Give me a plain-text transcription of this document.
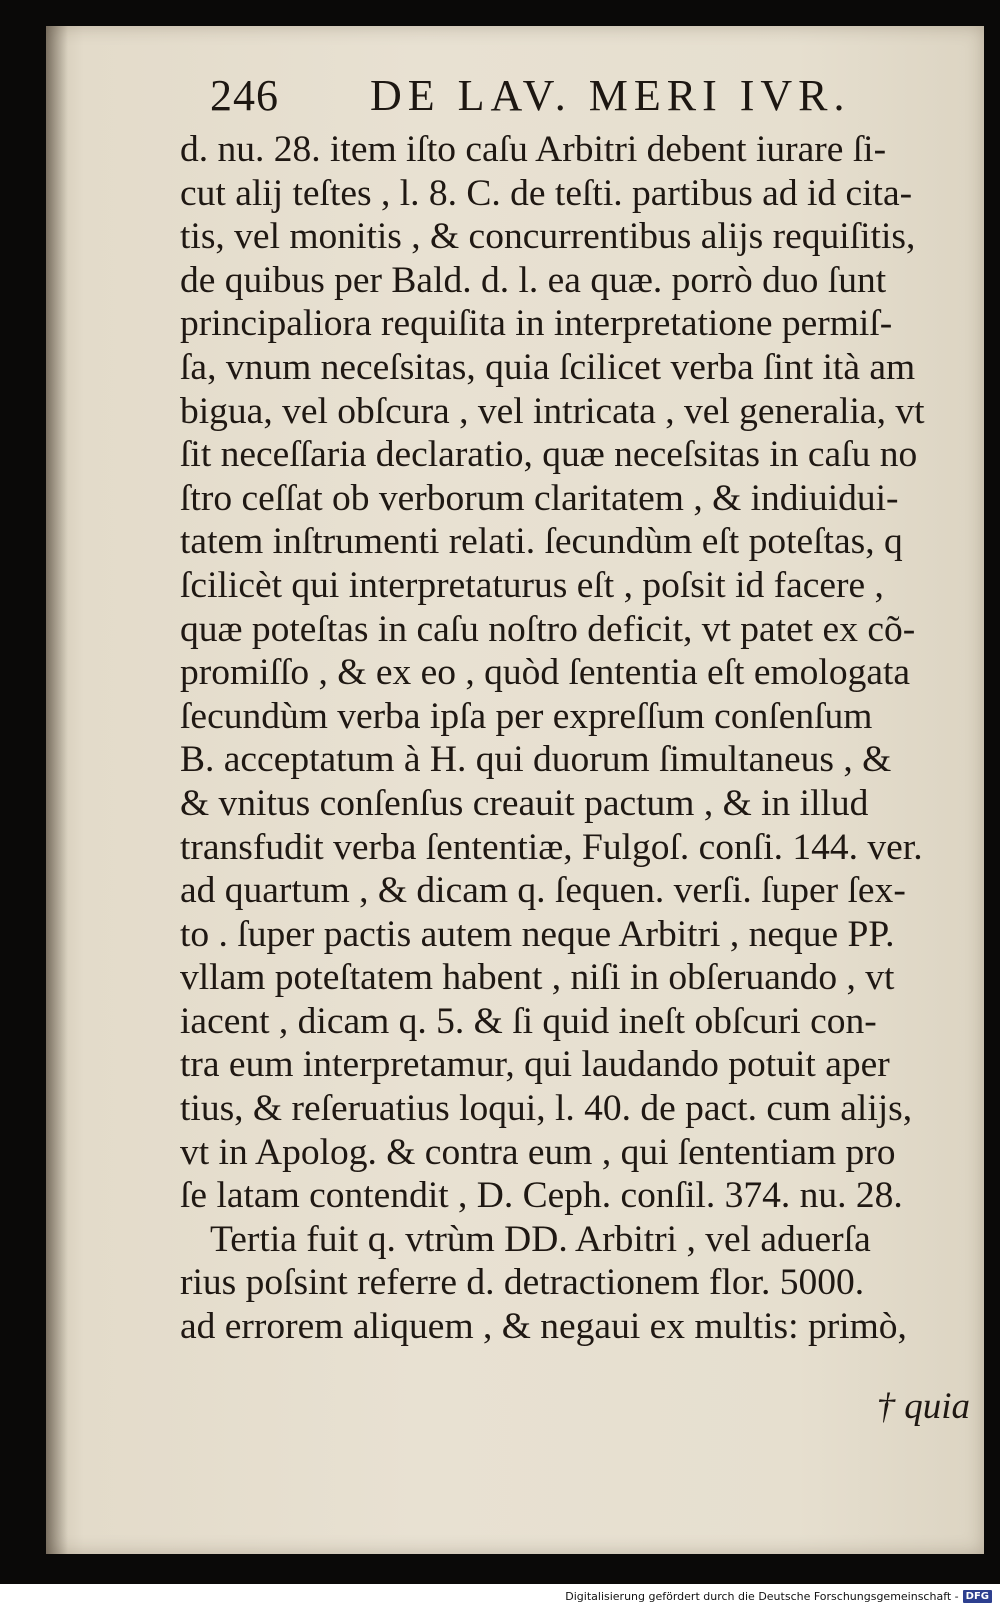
246 DE LAV. MERI IVR.
d. nu. 28. item iſto caſu Arbitri debent iurare ſi-
cut alij teſtes , l. 8. C. de teſti. partibus ad id cita-
tis, vel monitis , & concurrentibus alijs requiſitis,
de quibus per Bald. d. l. ea quæ. porrò duo ſunt
principaliora requiſita in interpretatione permiſ-
ſa, vnum neceſsitas, quia ſcilicet verba ſint ità am
bigua, vel obſcura , vel intricata , vel generalia, vt
ſit neceſſaria declaratio, quæ neceſsitas in caſu no
ſtro ceſſat ob verborum claritatem , & indiuidui-
tatem inſtrumenti relati. ſecundùm eſt poteſtas, q
ſcilicèt qui interpretaturus eſt , poſsit id facere ,
quæ poteſtas in caſu noſtro deficit, vt patet ex cõ-
promiſſo , & ex eo , quòd ſententia eſt emologata
ſecundùm verba ipſa per expreſſum conſenſum
B. acceptatum à H. qui duorum ſimultaneus , &
& vnitus conſenſus creauit pactum , & in illud
transfudit verba ſententiæ, Fulgoſ. conſi. 144. ver.
ad quartum , & dicam q. ſequen. verſi. ſuper ſex-
to . ſuper pactis autem neque Arbitri , neque PP.
vllam poteſtatem habent , niſi in obſeruando , vt
iacent , dicam q. 5. & ſi quid ineſt obſcuri con-
tra eum interpretamur, qui laudando potuit aper
tius, & reſeruatius loqui, l. 40. de pact. cum alijs,
vt in Apolog. & contra eum , qui ſententiam pro
ſe latam contendit , D. Ceph. conſil. 374. nu. 28.
Tertia fuit q. vtrùm DD. Arbitri , vel aduerſa
rius poſsint referre d. detractionem flor. 5000.
ad errorem aliquem , & negaui ex multis: primò,

† quia
Digitalisierung gefördert durch die Deutsche Forschungsgemeinschaft - DFG
